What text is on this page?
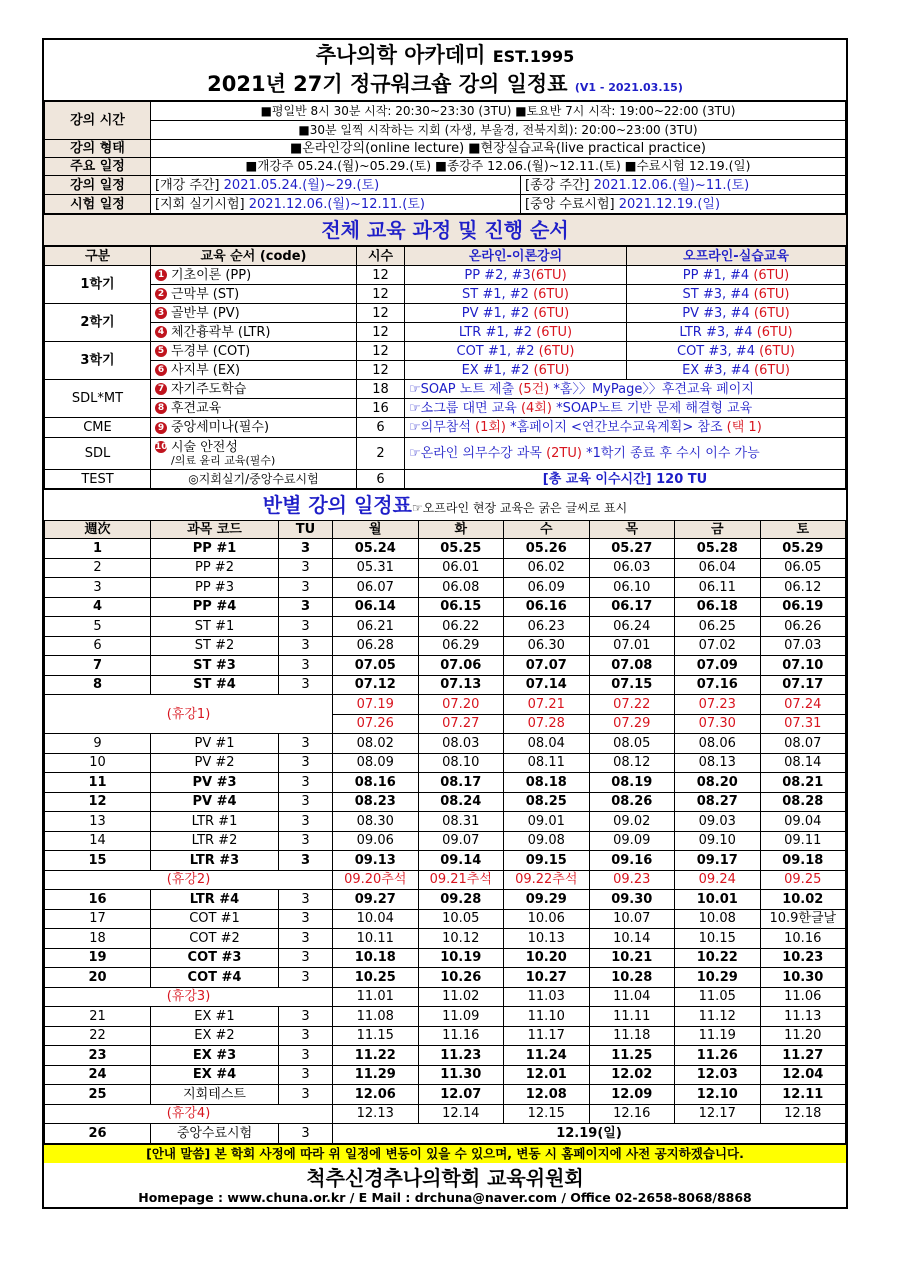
추나의학 아카데미 EST.1995
2021년 27기 정규워크숍 강의 일정표 (V1 - 2021.03.15)
강의 시간	■평일반 8시 30분 시작: 20:30~23:30 (3TU) ■토요반 7시 시작: 19:00~22:00 (3TU)	
	■30분 일찍 시작하는 지회 (자생, 부울경, 전북지회): 20:00~23:00 (3TU)	
강의 형태	■온라인강의(online lecture) ■현장실습교육(live practical practice)	
주요 일정	■개강주 05.24.(월)~05.29.(토) ■종강주 12.06.(월)~12.11.(토) ■수료시험 12.19.(일)	
강의 일정	[개강 주간] 2021.05.24.(월)~29.(토)	[종강 주간] 2021.12.06.(월)~11.(토)
시험 일정	[지회 실기시험] 2021.12.06.(월)~12.11.(토)	[중앙 수료시험] 2021.12.19.(일)
전체 교육 과정 및 진행 순서
구분	교육 순서 (code)	시수	온라인-이론강의	오프라인-실습교육
1학기	1 기초이론 (PP)	12	PP #2, #3(6TU)	PP #1, #4 (6TU)
	2 근막부 (ST)	12	ST #1, #2 (6TU)	ST #3, #4 (6TU)
2학기	3 골반부 (PV)	12	PV #1, #2 (6TU)	PV #3, #4 (6TU)
	4 체간흉곽부 (LTR)	12	LTR #1, #2 (6TU)	LTR #3, #4 (6TU)
3학기	5 두경부 (COT)	12	COT #1, #2 (6TU)	COT #3, #4 (6TU)
	6 사지부 (EX)	12	EX #1, #2 (6TU)	EX #3, #4 (6TU)
SDL*MT	7 자기주도학습	18	☞SOAP 노트 제출 (5건) *홈〉〉MyPage〉〉후견교육 페이지	
	8 후견교육	16	☞소그룹 대면 교육 (4회) *SOAP노트 기반 문제 해결형 교육	
CME	9 중앙세미나(필수)	6	☞의무참석 (1회) *홈페이지 <연간보수교육계획> 참조 (택 1)	
SDL	10 시술 안전성
/의료 윤리 교육(필수)	2	☞온라인 의무수강 과목 (2TU) *1학기 종료 후 수시 이수 가능	
TEST	◎지회실기/중앙수료시험	6	[총 교육 이수시간] 120 TU	
반별 강의 일정표☞오프라인 현장 교육은 굵은 글씨로 표시
週次	과목 코드	TU	월	화	수	목	금	토
1	PP #1	3	05.24	05.25	05.26	05.27	05.28	05.29
2	PP #2	3	05.31	06.01	06.02	06.03	06.04	06.05
3	PP #3	3	06.07	06.08	06.09	06.10	06.11	06.12
4	PP #4	3	06.14	06.15	06.16	06.17	06.18	06.19
5	ST #1	3	06.21	06.22	06.23	06.24	06.25	06.26
6	ST #2	3	06.28	06.29	06.30	07.01	07.02	07.03
7	ST #3	3	07.05	07.06	07.07	07.08	07.09	07.10
8	ST #4	3	07.12	07.13	07.14	07.15	07.16	07.17
(휴강1)			07.19	07.20	07.21	07.22	07.23	07.24
			07.26	07.27	07.28	07.29	07.30	07.31
9	PV #1	3	08.02	08.03	08.04	08.05	08.06	08.07
10	PV #2	3	08.09	08.10	08.11	08.12	08.13	08.14
11	PV #3	3	08.16	08.17	08.18	08.19	08.20	08.21
12	PV #4	3	08.23	08.24	08.25	08.26	08.27	08.28
13	LTR #1	3	08.30	08.31	09.01	09.02	09.03	09.04
14	LTR #2	3	09.06	09.07	09.08	09.09	09.10	09.11
15	LTR #3	3	09.13	09.14	09.15	09.16	09.17	09.18
(휴강2)			09.20추석	09.21추석	09.22추석	09.23	09.24	09.25
16	LTR #4	3	09.27	09.28	09.29	09.30	10.01	10.02
17	COT #1	3	10.04	10.05	10.06	10.07	10.08	10.9한글날
18	COT #2	3	10.11	10.12	10.13	10.14	10.15	10.16
19	COT #3	3	10.18	10.19	10.20	10.21	10.22	10.23
20	COT #4	3	10.25	10.26	10.27	10.28	10.29	10.30
(휴강3)			11.01	11.02	11.03	11.04	11.05	11.06
21	EX #1	3	11.08	11.09	11.10	11.11	11.12	11.13
22	EX #2	3	11.15	11.16	11.17	11.18	11.19	11.20
23	EX #3	3	11.22	11.23	11.24	11.25	11.26	11.27
24	EX #4	3	11.29	11.30	12.01	12.02	12.03	12.04
25	지회테스트	3	12.06	12.07	12.08	12.09	12.10	12.11
(휴강4)			12.13	12.14	12.15	12.16	12.17	12.18
26	중앙수료시험	3	12.19(일)					
[안내 말씀] 본 학회 사정에 따라 위 일정에 변동이 있을 수 있으며, 변동 시 홈페이지에 사전 공지하겠습니다.
척추신경추나의학회 교육위원회
Homepage : www.chuna.or.kr / E Mail : drchuna@naver.com / Office 02-2658-8068/8868
